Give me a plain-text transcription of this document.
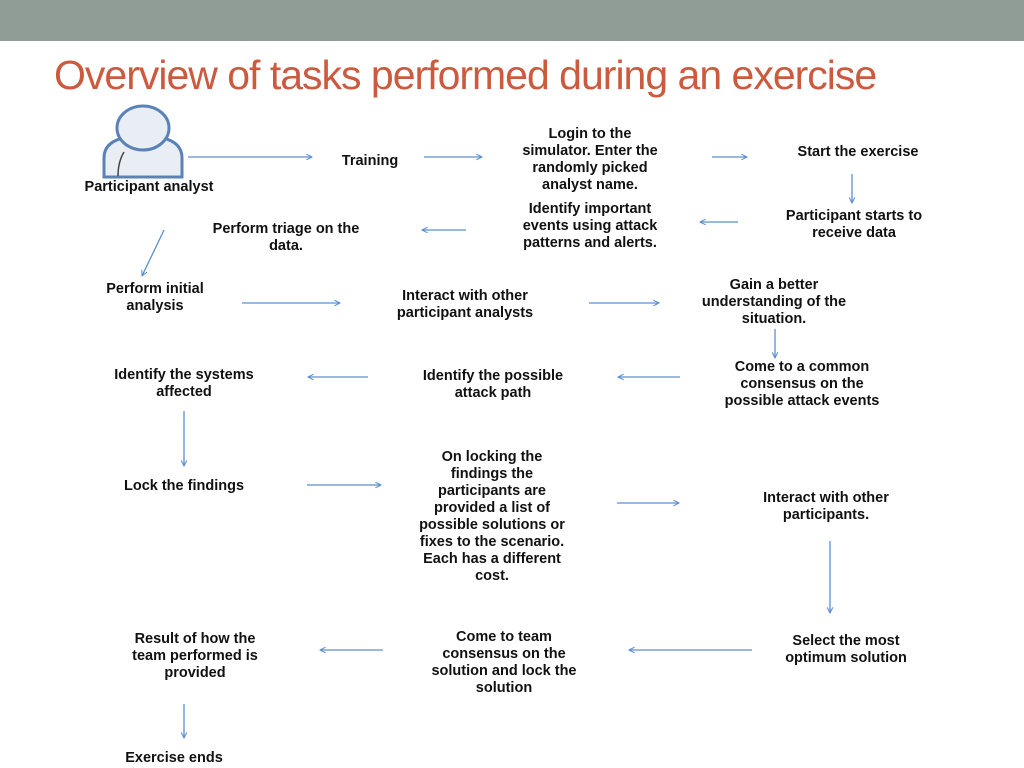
Overview of tasks performed during an exercise
Participant analyst
Training
Login to the
simulator. Enter the
randomly picked
analyst name.
Start the exercise
Participant starts to
receive data
Identify important
events using attack
patterns and alerts.
Perform triage on the
data.
Perform initial
analysis
Interact with other
participant analysts
Gain a better
understanding of the
situation.
Come to a common
consensus on the
possible attack events
Identify the possible
attack path
Identify the systems
affected
Lock the findings
On locking the
findings the
participants are
provided a list of
possible solutions or
fixes to the scenario.
Each has a different
cost.
Interact with other
participants.
Select the most
optimum solution
Come to team
consensus on the
solution and lock the
solution
Result of how the
team performed is
provided
Exercise ends
